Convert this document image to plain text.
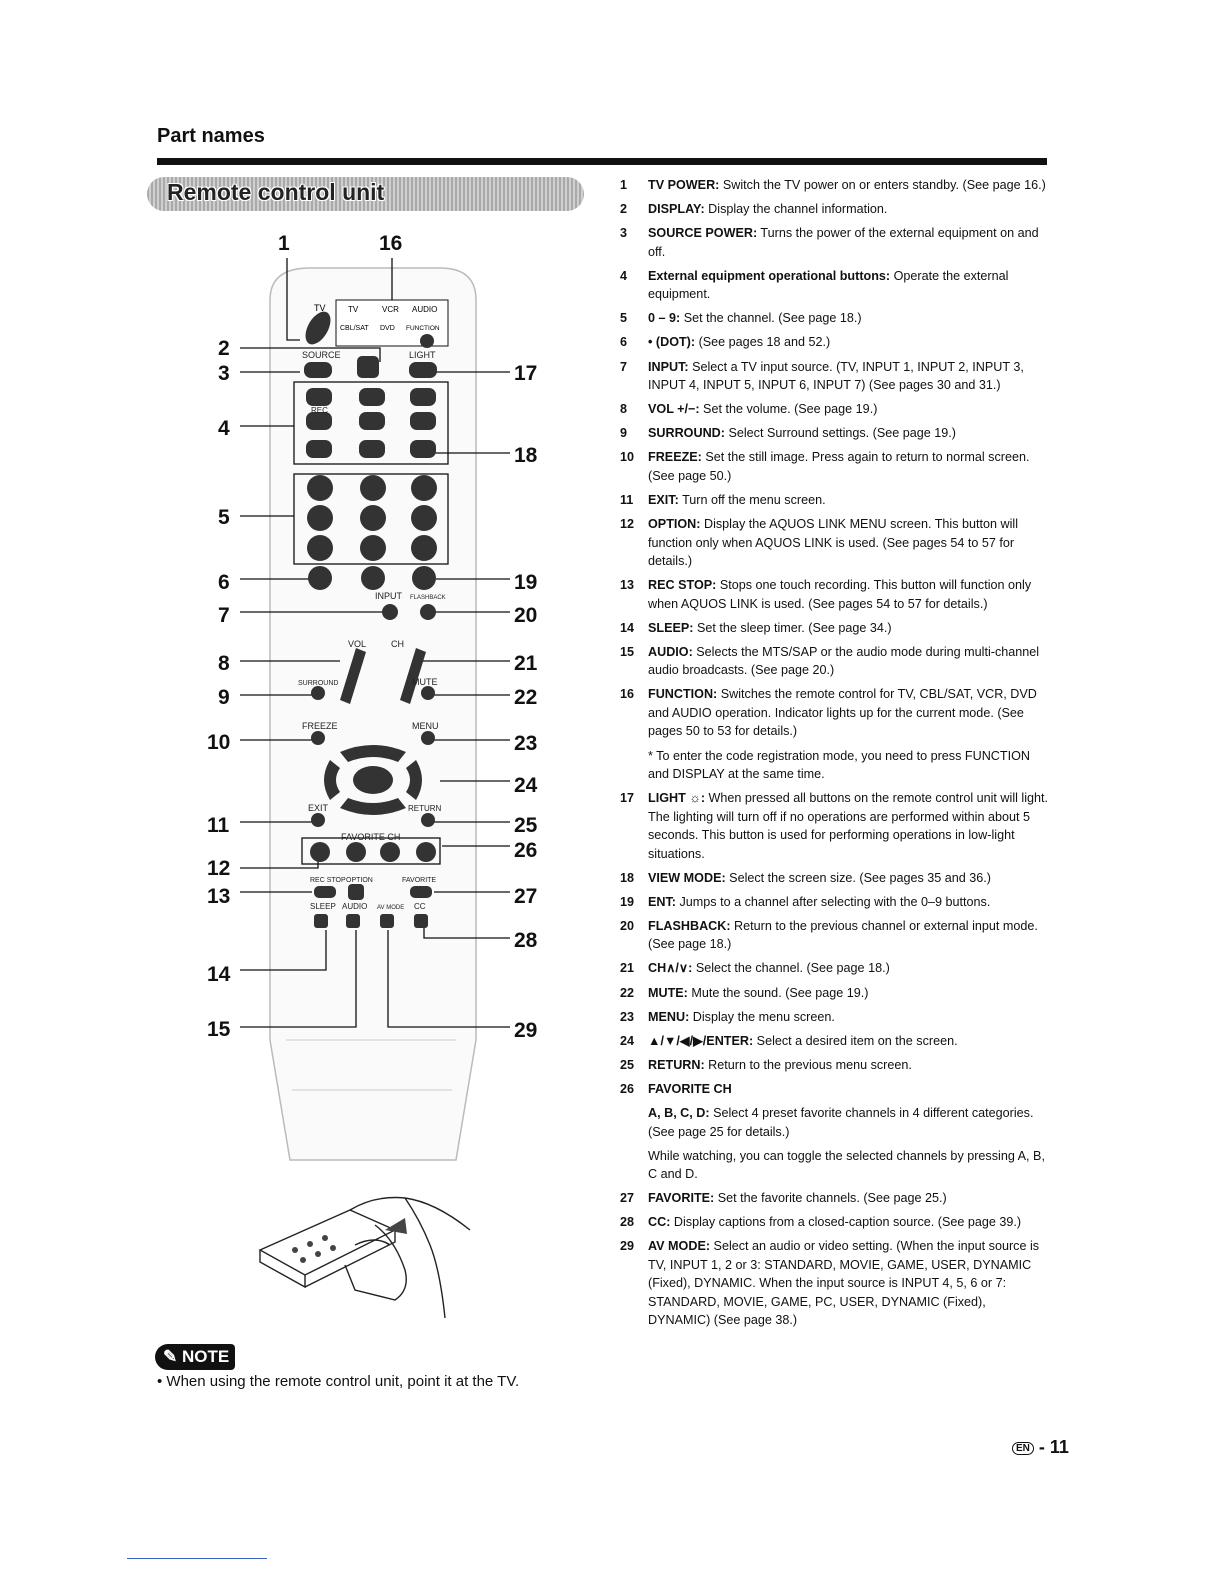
Part names
Remote control unit
1
2
3
4
5
6
7
8
9
10
11
12
13
14
15
16
17
18
19
20
21
22
23
24
25
26
27
28
29
TV	TV	VCR AUDIO
CBL/SAT DVD FUNCTION
SOURCE	LIGHT
REC
INPUT FLASHBACK
VOL	CH
SURROUND	MUTE
FREEZE	MENU
EXIT	RETURN
FAVORITE CH
REC STOP OPTION	FAVORITE
SLEEP AUDIO AV MODE CC
✎ NOTE
• When using the remote control unit, point it at the TV.
1	TV POWER: Switch the TV power on or enters standby. (See page 16.)
2	DISPLAY: Display the channel information.
3	SOURCE POWER: Turns the power of the external equipment on and off.
4	External equipment operational buttons: Operate the external equipment.
5	0 – 9: Set the channel. (See page 18.)
6	• (DOT): (See pages 18 and 52.)
7	INPUT: Select a TV input source. (TV, INPUT 1, INPUT 2, INPUT 3, INPUT 4, INPUT 5, INPUT 6, INPUT 7) (See pages 30 and 31.)
8	VOL +/−: Set the volume. (See page 19.)
9	SURROUND: Select Surround settings. (See page 19.)
10	FREEZE: Set the still image. Press again to return to normal screen. (See page 50.)
11	EXIT: Turn off the menu screen.
12	OPTION: Display the AQUOS LINK MENU screen. This button will function only when AQUOS LINK is used. (See pages 54 to 57 for details.)
13	REC STOP: Stops one touch recording. This button will function only when AQUOS LINK is used. (See pages 54 to 57 for details.)
14	SLEEP: Set the sleep timer. (See page 34.)
15	AUDIO: Selects the MTS/SAP or the audio mode during multi-channel audio broadcasts. (See page 20.)
16	FUNCTION: Switches the remote control for TV, CBL/SAT, VCR, DVD and AUDIO operation. Indicator lights up for the current mode. (See pages 50 to 53 for details.)
* To enter the code registration mode, you need to press FUNCTION and DISPLAY at the same time.
17	LIGHT ☼: When pressed all buttons on the remote control unit will light. The lighting will turn off if no operations are performed within about 5 seconds. This button is used for performing operations in low-light situations.
18	VIEW MODE: Select the screen size. (See pages 35 and 36.)
19	ENT: Jumps to a channel after selecting with the 0–9 buttons.
20	FLASHBACK: Return to the previous channel or external input mode. (See page 18.)
21	CH∧/∨: Select the channel. (See page 18.)
22	MUTE: Mute the sound. (See page 19.)
23	MENU: Display the menu screen.
24	▲/▼/◀/▶/ENTER: Select a desired item on the screen.
25	RETURN: Return to the previous menu screen.
26	FAVORITE CH
A, B, C, D: Select 4 preset favorite channels in 4 different categories. (See page 25 for details.)
While watching, you can toggle the selected channels by pressing A, B, C and D.
27	FAVORITE: Set the favorite channels. (See page 25.)
28	CC: Display captions from a closed-caption source. (See page 39.)
29	AV MODE: Select an audio or video setting. (When the input source is TV, INPUT 1, 2 or 3: STANDARD, MOVIE, GAME, USER, DYNAMIC (Fixed), DYNAMIC. When the input source is INPUT 4, 5, 6 or 7: STANDARD, MOVIE, GAME, PC, USER, DYNAMIC (Fixed), DYNAMIC) (See page 38.)
EN - 11
